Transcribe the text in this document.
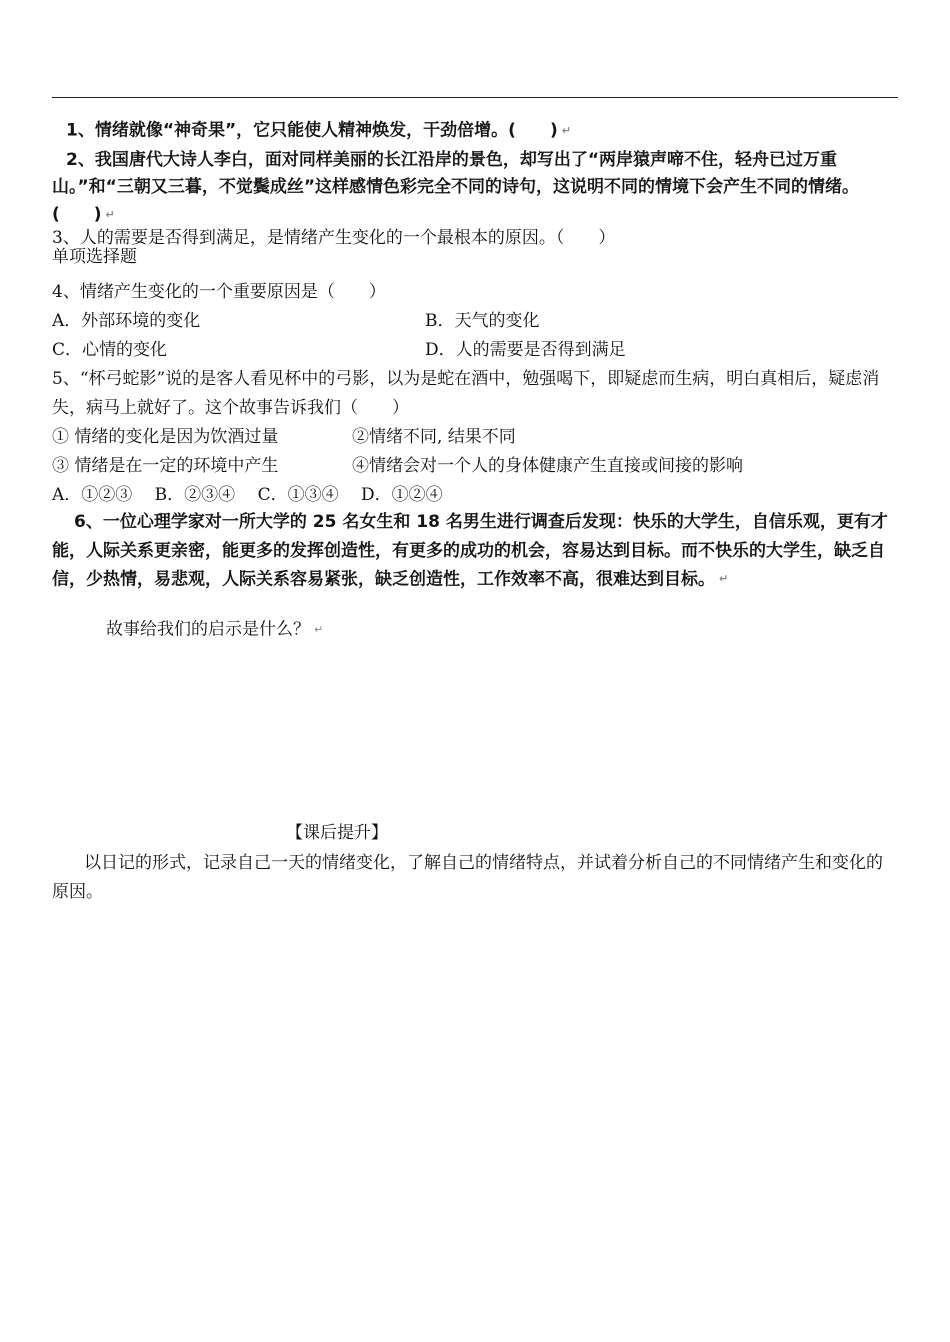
1、情绪就像“神奇果”，它只能使人精神焕发，干劲倍增。(　　) ↵
2、我国唐代大诗人李白，面对同样美丽的长江沿岸的景色，却写出了“两岸猿声啼不住，轻舟已过万重山。”和“三朝又三暮，不觉鬓成丝”这样感情色彩完全不同的诗句，这说明不同的情境下会产生不同的情绪。(　　) ↵
3、人的需要是否得到满足，是情绪产生变化的一个最根本的原因。（　　）
单项选择题
4、情绪产生变化的一个重要原因是（　　）
A．外部环境的变化	B．天气的变化
C．心情的变化	D．人的需要是否得到满足
5、“杯弓蛇影”说的是客人看见杯中的弓影，以为是蛇在酒中，勉强喝下，即疑虑而生病，明白真相后，疑虑消失，病马上就好了。这个故事告诉我们（　　）
① 情绪的变化是因为饮酒过量	②情绪不同, 结果不同
③ 情绪是在一定的环境中产生	④情绪会对一个人的身体健康产生直接或间接的影响
A．①②③　 B．②③④　 C．①③④　 D．①②④
6、一位心理学家对一所大学的 25 名女生和 18 名男生进行调查后发现：快乐的大学生，自信乐观，更有才能，人际关系更亲密，能更多的发挥创造性，有更多的成功的机会，容易达到目标。而不快乐的大学生，缺乏自信，少热情，易悲观，人际关系容易紧张，缺乏创造性，工作效率不高，很难达到目标。 ↵
故事给我们的启示是什么？ ↵
【课后提升】
以日记的形式，记录自己一天的情绪变化，了解自己的情绪特点，并试着分析自己的不同情绪产生和变化的原因。
